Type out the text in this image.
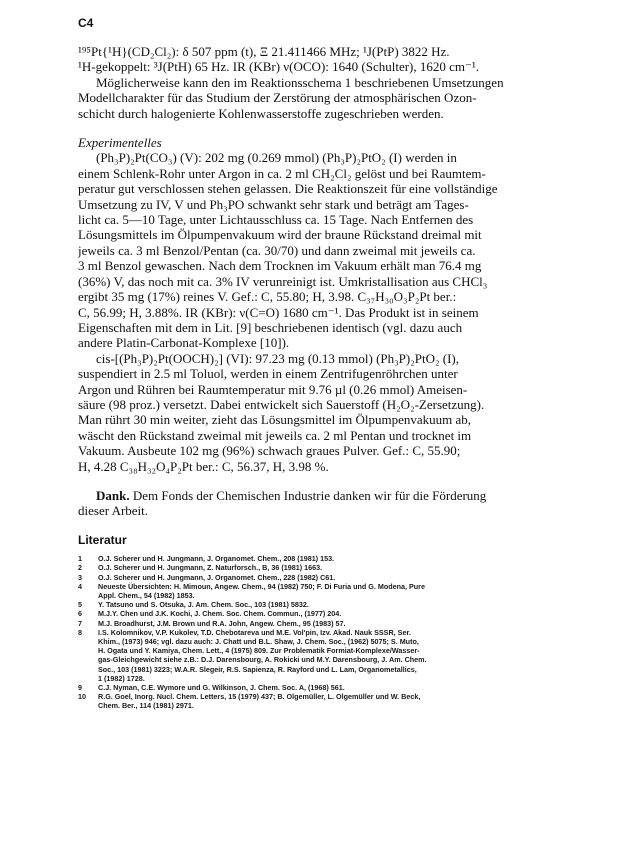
C4
¹⁹⁵Pt{¹H}(CD₂Cl₂): δ 507 ppm (t), Ξ 21.411466 MHz; ¹J(PtP) 3822 Hz.
¹H-gekoppelt: ³J(PtH) 65 Hz. IR (KBr) ν(OCO): 1640 (Schulter), 1620 cm⁻¹.
Möglicherweise kann den im Reaktionsschema 1 beschriebenen Umsetzungen
Modellcharakter für das Studium der Zerstörung der atmosphärischen Ozon-
schicht durch halogenierte Kohlenwasserstoffe zugeschrieben werden.
Experimentelles
(Ph₃P)₂Pt(CO₃) (V): 202 mg (0.269 mmol) (Ph₃P)₂PtO₂ (I) werden in
einem Schlenk-Rohr unter Argon in ca. 2 ml CH₂Cl₂ gelöst und bei Raumtem-
peratur gut verschlossen stehen gelassen. Die Reaktionszeit für eine vollständige
Umsetzung zu IV, V und Ph₃PO schwankt sehr stark und beträgt am Tages-
licht ca. 5—10 Tage, unter Lichtausschluss ca. 15 Tage. Nach Entfernen des
Lösungsmittels im Ölpumpenvakuum wird der braune Rückstand dreimal mit
jeweils ca. 3 ml Benzol/Pentan (ca. 30/70) und dann zweimal mit jeweils ca.
3 ml Benzol gewaschen. Nach dem Trocknen im Vakuum erhält man 76.4 mg
(36%) V, das noch mit ca. 3% IV verunreinigt ist. Umkristallisation aus CHCl₃
ergibt 35 mg (17%) reines V. Gef.: C, 55.80; H, 3.98. C₃₇H₃₀O₃P₂Pt ber.:
C, 56.99; H, 3.88%. IR (KBr): ν(C=O) 1680 cm⁻¹. Das Produkt ist in seinem
Eigenschaften mit dem in Lit. [9] beschriebenen identisch (vgl. dazu auch
andere Platin-Carbonat-Komplexe [10]).
cis-[(Ph₃P)₂Pt(OOCH)₂] (VI): 97.23 mg (0.13 mmol) (Ph₃P)₂PtO₂ (I),
suspendiert in 2.5 ml Toluol, werden in einem Zentrifugenröhrchen unter
Argon und Rühren bei Raumtemperatur mit 9.76 µl (0.26 mmol) Ameisen-
säure (98 proz.) versetzt. Dabei entwickelt sich Sauerstoff (H₂O₂-Zersetzung).
Man rührt 30 min weiter, zieht das Lösungsmittel im Ölpumpenvakuum ab,
wäscht den Rückstand zweimal mit jeweils ca. 2 ml Pentan und trocknet im
Vakuum. Ausbeute 102 mg (96%) schwach graues Pulver. Gef.: C, 55.90;
H, 4.28 C₃₈H₃₂O₄P₂Pt ber.: C, 56.37, H, 3.98 %.
Dank. Dem Fonds der Chemischen Industrie danken wir für die Förderung
dieser Arbeit.
Literatur
1	O.J. Scherer und H. Jungmann, J. Organomet. Chem., 208 (1981) 153.
2	O.J. Scherer und H. Jungmann, Z. Naturforsch., B, 36 (1981) 1663.
3	O.J. Scherer und H. Jungmann, J. Organomet. Chem., 228 (1982) C61.
4	Neueste Übersichten: H. Mimoun, Angew. Chem., 94 (1982) 750; F. Di Furia und G. Modena, Pure
Appl. Chem., 54 (1982) 1853.
5	Y. Tatsuno und S. Otsuka, J. Am. Chem. Soc., 103 (1981) 5832.
6	M.J.Y. Chen und J.K. Kochi, J. Chem. Soc. Chem. Commun., (1977) 204.
7	M.J. Broadhurst, J.M. Brown und R.A. John, Angew. Chem., 95 (1983) 57.
8	I.S. Kolomnikov, V.P. Kukolev, T.D. Chebotareva und M.E. Vol'pin, Izv. Akad. Nauk SSSR, Ser.
Khim., (1973) 946; vgl. dazu auch: J. Chatt und B.L. Shaw, J. Chem. Soc., (1962) 5075; S. Muto,
H. Ogata und Y. Kamiya, Chem. Lett., 4 (1975) 809. Zur Problematik Formiat-Komplexe/Wasser-
gas-Gleichgewicht siehe z.B.: D.J. Darensbourg, A. Rokicki und M.Y. Darensbourg, J. Am. Chem.
Soc., 103 (1981) 3223; W.A.R. Slegeir, R.S. Sapienza, R. Rayford und L. Lam, Organometallics,
1 (1982) 1728.
9	C.J. Nyman, C.E. Wymore und G. Wilkinson, J. Chem. Soc. A, (1968) 561.
10	R.G. Goel, Inorg. Nucl. Chem. Letters, 15 (1979) 437; B. Olgemüller, L. Olgemüller und W. Beck,
Chem. Ber., 114 (1981) 2971.
